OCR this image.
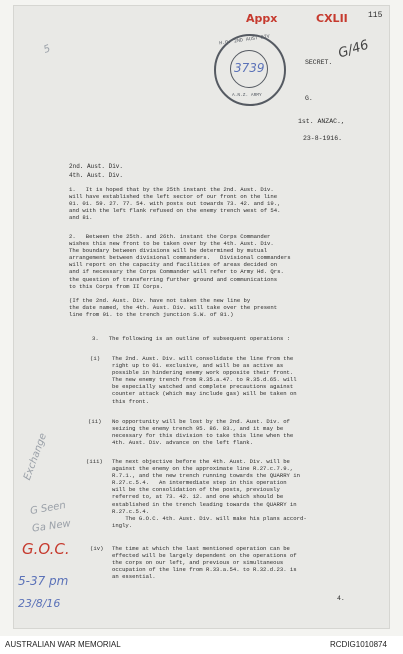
Appx	CXLII	115
5
H.Q. 2ND AUST DIV
A.N.Z. ARMY
3739	SECRET.
G/46
G.
1st. ANZAC.,
23-8-1916.
2nd. Aust. Div.
4th. Aust. Div.
1.   It is hoped that by the 25th instant the 2nd. Aust. Div.
will have established the left sector of our front on the line
01. 01. 59. 27. 77. 54. with posts out towards 73. 42. and 19.,
and with the left flank refused on the enemy trench west of 54.
and 81.
2.   Between the 25th. and 26th. instant the Corps Commander
wishes this new front to be taken over by the 4th. Aust. Div.
The boundary between divisions will be determined by mutual
arrangement between divisional commanders.   Divisional commanders
will report on the capacity and facilities of areas decided on
and if necessary the Corps Commander will refer to Army Hd. Qrs.
the question of transferring further ground and communications
to this Corps from II Corps.
(If the 2nd. Aust. Div. have not taken the new line by
the date named, the 4th. Aust. Div. will take over the present
line from 01. to the trench junction S.W. of 81.)
3.   The following is an outline of subsequent operations :
(i) The 2nd. Aust. Div. will consolidate the line from the
right up to 01. exclusive, and will be as active as
possible in hindering enemy work opposite their front.
The new enemy trench from R.35.a.47. to R.35.d.65. will
be especially watched and complete precautions against
counter attack (which may include gas) will be taken on
this front.
(ii) No opportunity will be lost by the 2nd. Aust. Div. of
seizing the enemy trench 95. 86. 83., and it may be
necessary for this division to take this line when the
4th. Aust. Div. advance on the left flank.
(iii) The next objective before the 4th. Aust. Div. will be
against the enemy on the approximate line R.27.c.7.9.,
R.7.1., and the new trench running towards the QUARRY in
R.27.c.5.4.   An intermediate step in this operation
will be the consolidation of the posts, previously
referred to, at 73. 42. 12. and one which should be
established in the trench leading towards the QUARRY in
R.27.c.5.4.
The G.O.C. 4th. Aust. Div. will make his plans accord-
ingly.
(iv) The time at which the last mentioned operation can be
effected will be largely dependent on the operations of
the corps on our left, and previous or simultaneous
occupation of the line from R.33.a.54. to R.32.d.23. is
an essential.
4.
Exchange
G Seen
Ga New
G.O.C.
5-37 pm
23/8/16
AUSTRALIAN WAR MEMORIAL	RCDIG1010874
